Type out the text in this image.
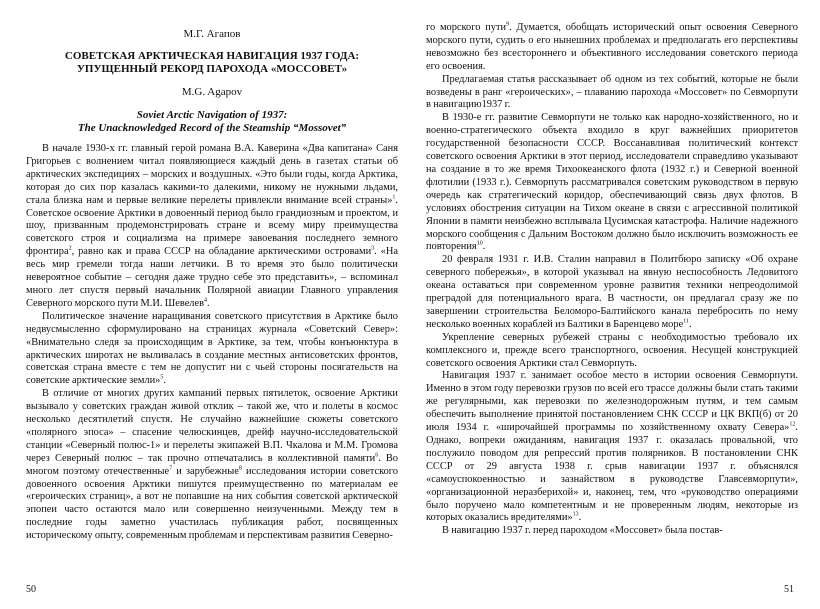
М.Г. Агапов
СОВЕТСКАЯ АРКТИЧЕСКАЯ НАВИГАЦИЯ 1937 ГОДА:
УПУЩЕННЫЙ РЕКОРД ПАРОХОДА «МОССОВЕТ»
M.G. Agapov
Soviet Arctic Navigation of 1937:
The Unacknowledged Record of the Steamship “Mossovet”

В начале 1930-х гг. главный герой романа В.А. Каверина «Два капитана» Саня Григорьев с волнением читал появляющиеся каждый день в газетах статьи об арктических экспедициях – морских и воздушных. «Это были годы, когда Арктика, которая до сих пор казалась какими-то далекими, никому не нужными льдами, стала близка нам и первые великие перелеты привлекли внимание всей страны»$^1$. Советское освоение Арктики в довоенный период было грандиозным и проектом, и шоу, призванным продемонстрировать стране и всему миру преимущества советского строя и социализма на примере завоевания последнего земного фронтира$^2$, равно как и права СССР на обладание арктическими островами$^3$. «На весь мир гремели тогда наши летчики. В то время это было политически невероятное событие – сегодня даже трудно себе это представить», – вспоминал много лет спустя первый начальник Полярной авиации Главного управления Северного морского пути М.И. Шевелев$^4$.

Политическое значение наращивания советского присутствия в Арктике было недвусмысленно сформулировано на страницах журнала «Советский Север»: «Внимательно следя за происходящим в Арктике, за тем, чтобы конъюнктура в арктических широтах не выливалась в создание местных антисоветских фронтов, советская страна вместе с тем не допустит ни с чьей стороны посягательств на советские арктические земли»$^5$.

В отличие от многих других кампаний первых пятилеток, освоение Арктики вызывало у советских граждан живой отклик – такой же, что и полеты в космос несколько десятилетий спустя. Не случайно важнейшие сюжеты советского «полярного эпоса» – спасение челюскинцев, дрейф научно-исследовательской станции «Северный полюс-1» и перелеты экипажей В.П. Чкалова и М.М. Громова через Северный полюс – так прочно отпечатались в коллективной памяти$^6$. Во многом поэтому отечественные$^7$ и зарубежные$^8$ исследования истории советского довоенного освоения Арктики пишутся преимущественно по материалам ее «героических страниц», а вот не попавшие на них события советской арктической эпопеи часто остаются мало или совершенно неизученными. Между тем в последние годы заметно участилась публикация работ, посвященных историческому опыту, современным проблемам и перспективам развития Северно-

го морского пути$^9$. Думается, обобщать исторический опыт освоения Северного морского пути, судить о его нынешних проблемах и предполагать его перспективы невозможно без всестороннего и объективного исследования советского периода его освоения.

Предлагаемая статья рассказывает об одном из тех событий, которые не были возведены в ранг «героических», – плаванию парохода «Моссовет» по Севморпути в навигацию1937 г.

В 1930-е гг. развитие Севморпути не только как народно-хозяйственного, но и военно-стратегического объекта входило в круг важнейших приоритетов государственной безопасности СССР. Воссанавливая политический контекст советского освоения Арктики в этот период, исследователи справедливо указывают на создание в то же время Тихоокеанского флота (1932 г.) и Северной военной флотилии (1933 г.). Севморпуть рассматривался советским руководством в первую очередь как стратегический коридор, обеспечивающий связь двух флотов. В условиях обострения ситуации на Тихом океане в связи с агрессивной политикой Японии в памяти неизбежно всплывала Цусимская катастрофа. Наличие надежного морского сообщения с Дальним Востоком должно было исключить возможность ее повторения$^{10}$.

20 февраля 1931 г. И.В. Сталин направил в Политбюро записку «Об охране северного побережья», в которой указывал на явную неспособность Ледовитого океана оставаться при современном уровне развития техники непреодолимой преградой для потенциального врага. В частности, он предлагал сразу же по завершении строительства Беломоро-Балтийского канала перебросить по нему несколько военных кораблей из Балтики в Баренцево море$^{11}$.

Укрепление северных рубежей страны с необходимостью требовало их комплексного и, прежде всего транспортного, освоения. Несущей конструкцией советского освоения Арктики стал Севморпуть.

Навигация 1937 г. занимает особое место в истории освоения Севморпути. Именно в этом году перевозки грузов по всей его трассе должны были стать такими же регулярными, как перевозки по железнодорожным путям, и тем самым обеспечить выполнение принятой постановлением СНК СССР и ЦК ВКП(б) от 20 июля 1934 г. «широчайшей программы по хозяйственному охвату Севера»$^{12}$. Однако, вопреки ожиданиям, навигация 1937 г. оказалась провальной, что послужило поводом для репрессий против полярников. В постановлении СНК СССР от 29 августа 1938 г. срыв навигации 1937 г. объяснялся «самоуспокоенностью и зазнайством в руководстве Главсевморпути», «организационной неразберихой» и, наконец, тем, что «руководство операциями было поручено мало компетентным и не проверенным людям, некоторые из которых оказались вредителями»$^{13}$.

В навигацию 1937 г. перед пароходом «Моссовет» была постав-

50	51
